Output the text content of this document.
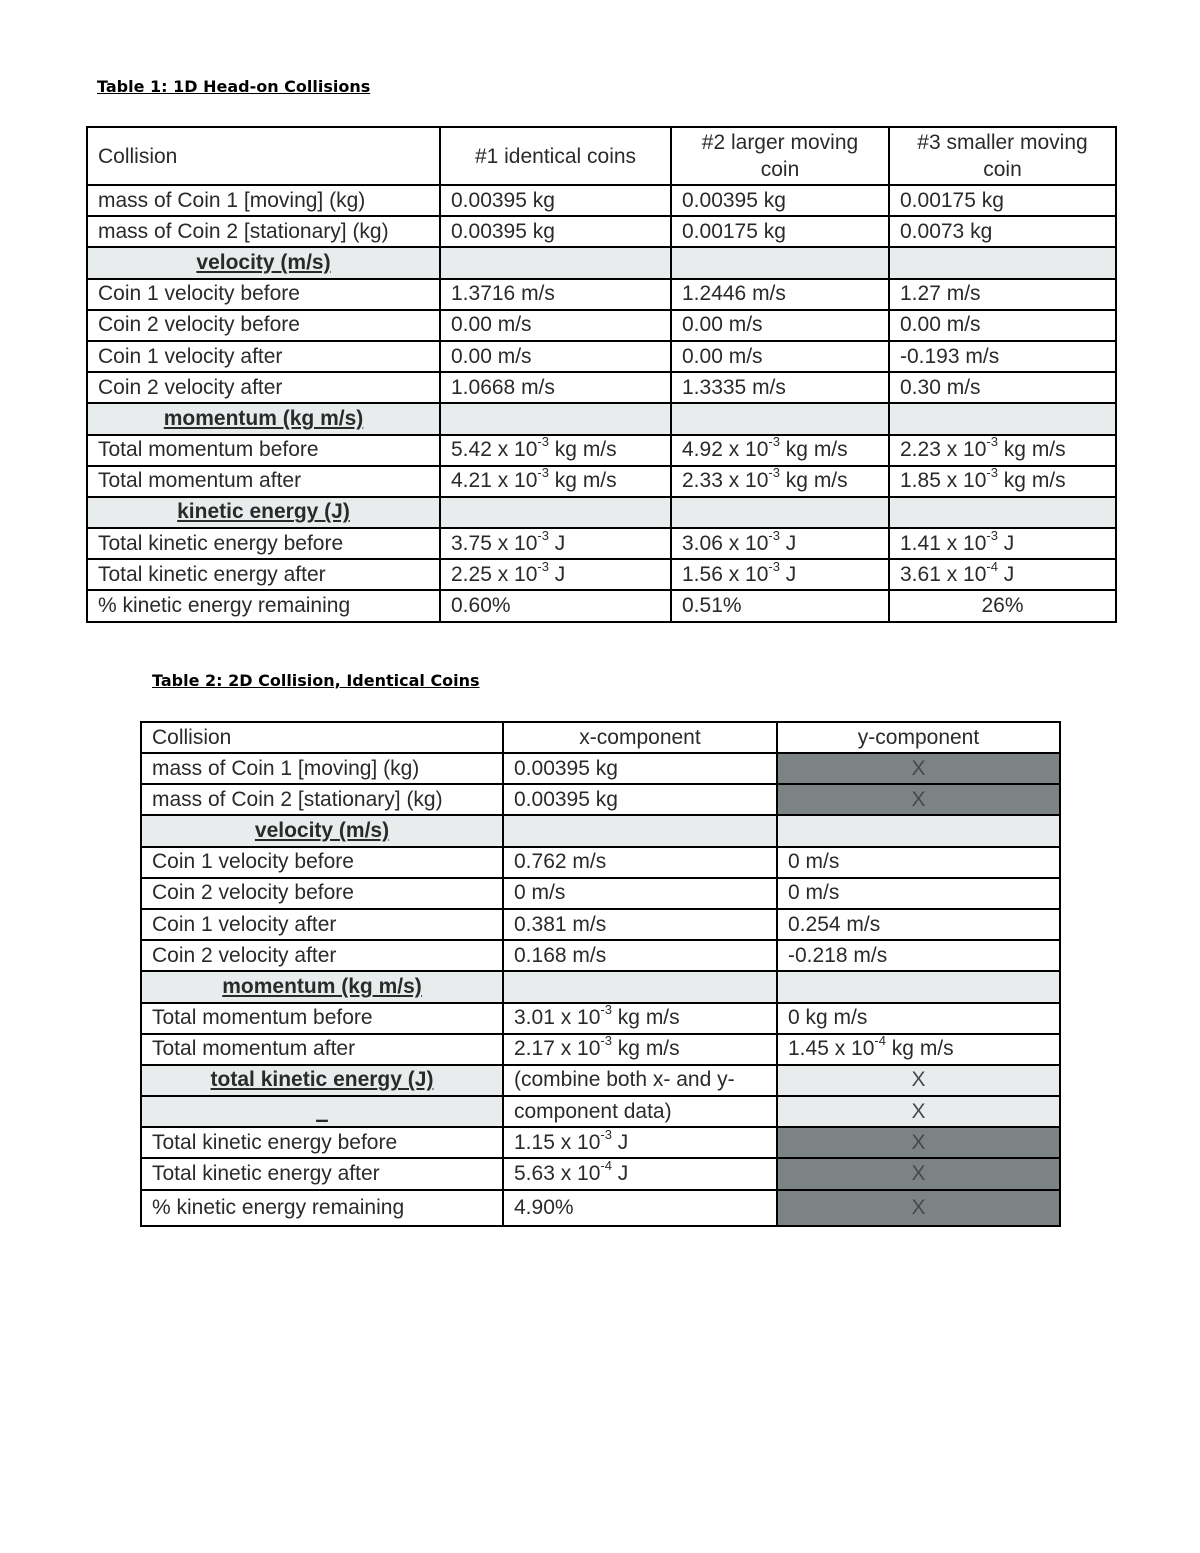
Table 1: 1D Head-on Collisions
Collision	#1 identical coins	#2 larger moving coin	#3 smaller moving coin
mass of Coin 1 [moving] (kg)	0.00395 kg	0.00395 kg	0.00175 kg
mass of Coin 2 [stationary] (kg)	0.00395 kg	0.00175 kg	0.0073 kg
velocity (m/s)			
Coin 1 velocity before	1.3716 m/s	1.2446 m/s	1.27 m/s
Coin 2 velocity before	0.00 m/s	0.00 m/s	0.00 m/s
Coin 1 velocity after	0.00 m/s	0.00 m/s	-0.193 m/s
Coin 2 velocity after	1.0668 m/s	1.3335 m/s	0.30 m/s
momentum (kg m/s)			
Total momentum before	5.42 x $10^{-3}$ kg m/s	4.92 x $10^{-3}$ kg m/s	2.23 x $10^{-3}$ kg m/s
Total momentum after	4.21 x $10^{-3}$ kg m/s	2.33 x $10^{-3}$ kg m/s	1.85 x $10^{-3}$ kg m/s
kinetic energy (J)			
Total kinetic energy before	3.75 x $10^{-3}$ J	3.06 x $10^{-3}$ J	1.41 x $10^{-3}$ J
Total kinetic energy after	2.25 x $10^{-3}$ J	1.56 x $10^{-3}$ J	3.61 x $10^{-4}$ J
% kinetic energy remaining	0.60%	0.51%	26%
Table 2: 2D Collision, Identical Coins
Collision	x-component	y-component
mass of Coin 1 [moving] (kg)	0.00395 kg	X
mass of Coin 2 [stationary] (kg)	0.00395 kg	X
velocity (m/s)		
Coin 1 velocity before	0.762 m/s	0 m/s
Coin 2 velocity before	0 m/s	0 m/s
Coin 1 velocity after	0.381 m/s	0.254 m/s
Coin 2 velocity after	0.168 m/s	-0.218 m/s
momentum (kg m/s)		
Total momentum before	3.01 x $10^{-3}$ kg m/s	0 kg m/s
Total momentum after	2.17 x $10^{-3}$ kg m/s	1.45 x $10^{-4}$ kg m/s
total kinetic energy (J)	(combine both x- and y-	X
_	component data)	X
Total kinetic energy before	1.15 x $10^{-3}$ J	X
Total kinetic energy after	5.63 x $10^{-4}$ J	X
% kinetic energy remaining	4.90%	X
